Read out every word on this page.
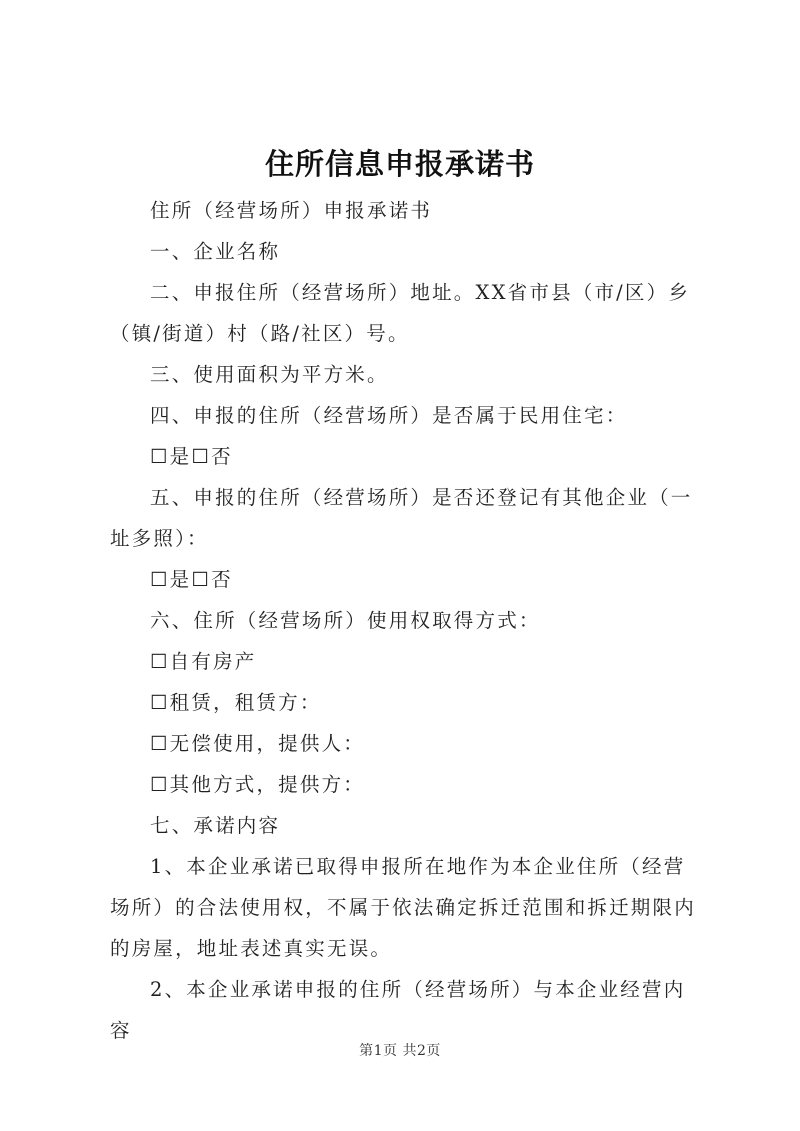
住所信息申报承诺书

住所（经营场所）申报承诺书

一、企业名称

二、申报住所（经营场所）地址。XX省市县（市/区）乡（镇/街道）村（路/社区）号。

三、使用面积为平方米。

四、申报的住所（经营场所）是否属于民用住宅：

☐是☐否

五、申报的住所（经营场所）是否还登记有其他企业（一址多照）：

☐是☐否

六、住所（经营场所）使用权取得方式：

☐自有房产

☐租赁，租赁方：

☐无偿使用，提供人：

☐其他方式，提供方：

七、承诺内容

1、本企业承诺已取得申报所在地作为本企业住所（经营场所）的合法使用权，不属于依法确定拆迁范围和拆迁期限内的房屋，地址表述真实无误。

2、本企业承诺申报的住所（经营场所）与本企业经营内容

第1页 共2页
